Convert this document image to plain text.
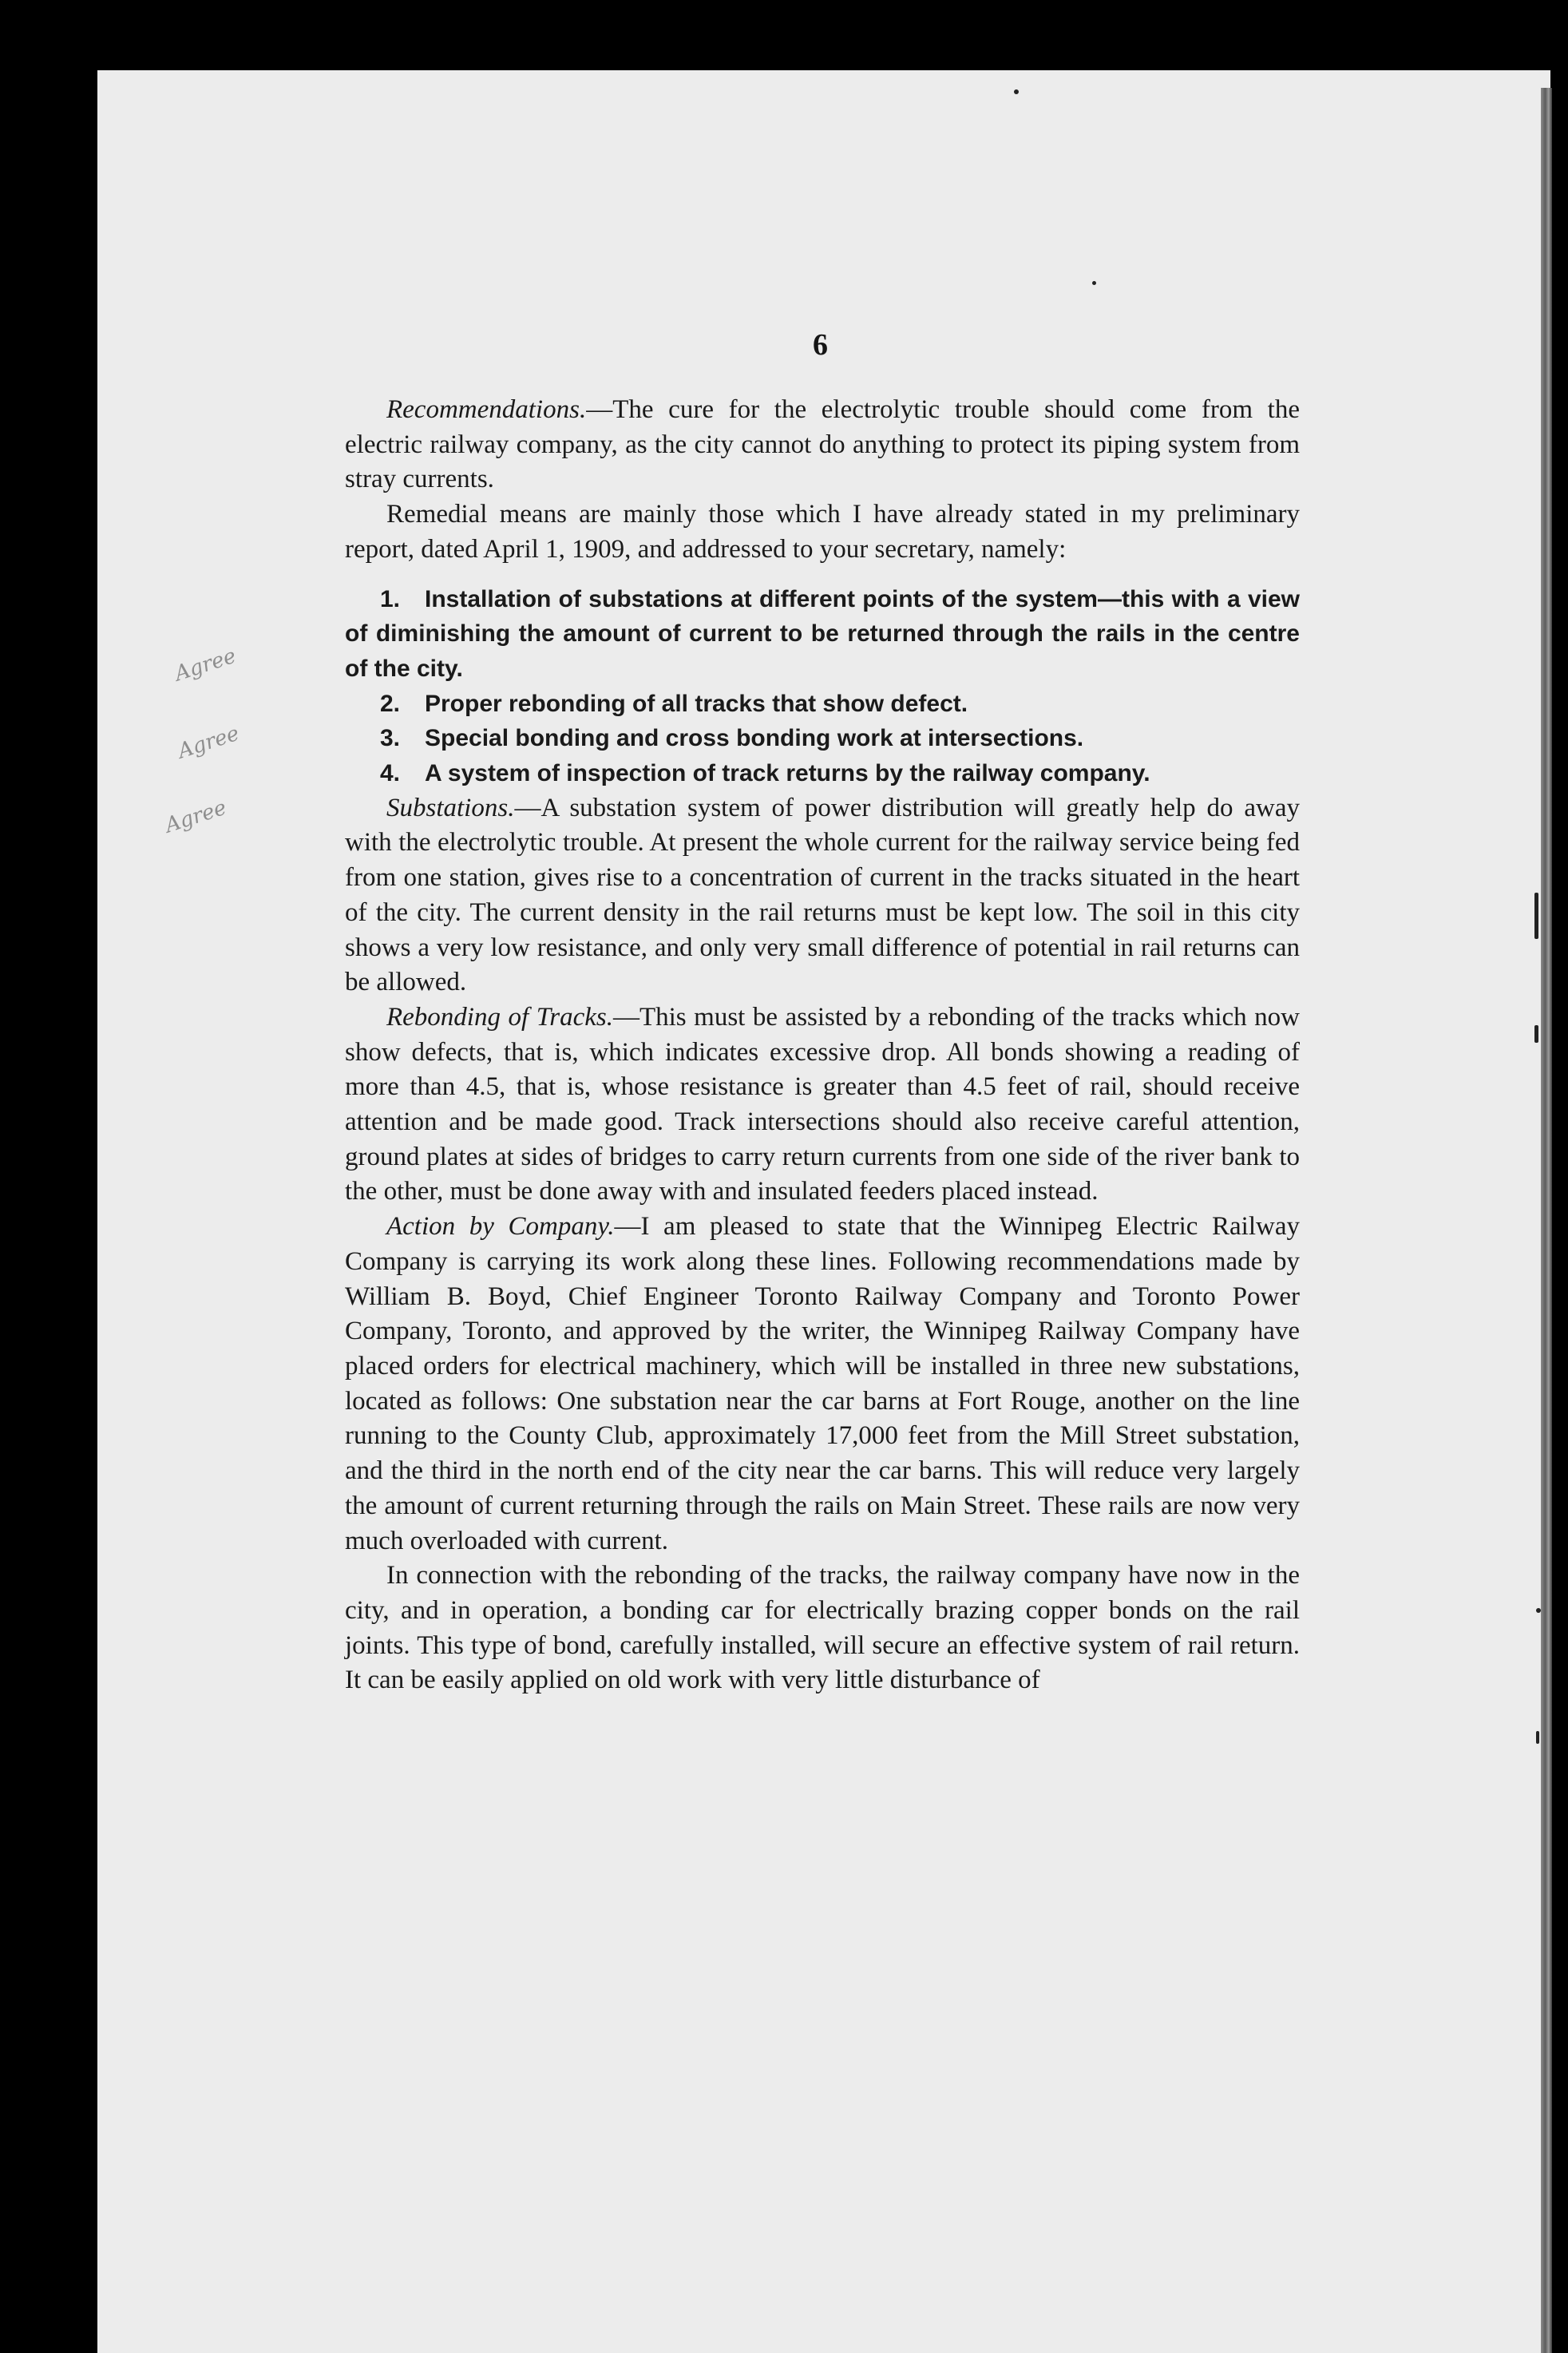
6
Agree
Agree
Agree

Recommendations.—The cure for the electrolytic trouble should come from the electric railway company, as the city cannot do anything to protect its piping system from stray currents.

Remedial means are mainly those which I have already stated in my preliminary report, dated April 1, 1909, and addressed to your secretary, namely:

1. Installation of substations at different points of the system—this with a view of diminishing the amount of current to be returned through the rails in the centre of the city.

2. Proper rebonding of all tracks that show defect.

3. Special bonding and cross bonding work at intersections.

4. A system of inspection of track returns by the railway company.

Substations.—A substation system of power distribution will greatly help do away with the electrolytic trouble. At present the whole current for the railway service being fed from one station, gives rise to a concentration of current in the tracks situated in the heart of the city. The current density in the rail returns must be kept low. The soil in this city shows a very low resistance, and only very small difference of potential in rail returns can be allowed.

Rebonding of Tracks.—This must be assisted by a rebonding of the tracks which now show defects, that is, which indicates excessive drop. All bonds showing a reading of more than 4.5, that is, whose resistance is greater than 4.5 feet of rail, should receive attention and be made good. Track intersections should also receive careful attention, ground plates at sides of bridges to carry return currents from one side of the river bank to the other, must be done away with and insulated feeders placed instead.

Action by Company.—I am pleased to state that the Winnipeg Electric Railway Company is carrying its work along these lines. Following recommendations made by William B. Boyd, Chief Engineer Toronto Railway Company and Toronto Power Company, Toronto, and approved by the writer, the Winnipeg Railway Company have placed orders for electrical machinery, which will be installed in three new substations, located as follows: One substation near the car barns at Fort Rouge, another on the line running to the County Club, approximately 17,000 feet from the Mill Street substation, and the third in the north end of the city near the car barns. This will reduce very largely the amount of current returning through the rails on Main Street. These rails are now very much overloaded with current.

In connection with the rebonding of the tracks, the railway company have now in the city, and in operation, a bonding car for electrically brazing copper bonds on the rail joints. This type of bond, carefully installed, will secure an effective system of rail return. It can be easily applied on old work with very little disturbance of
